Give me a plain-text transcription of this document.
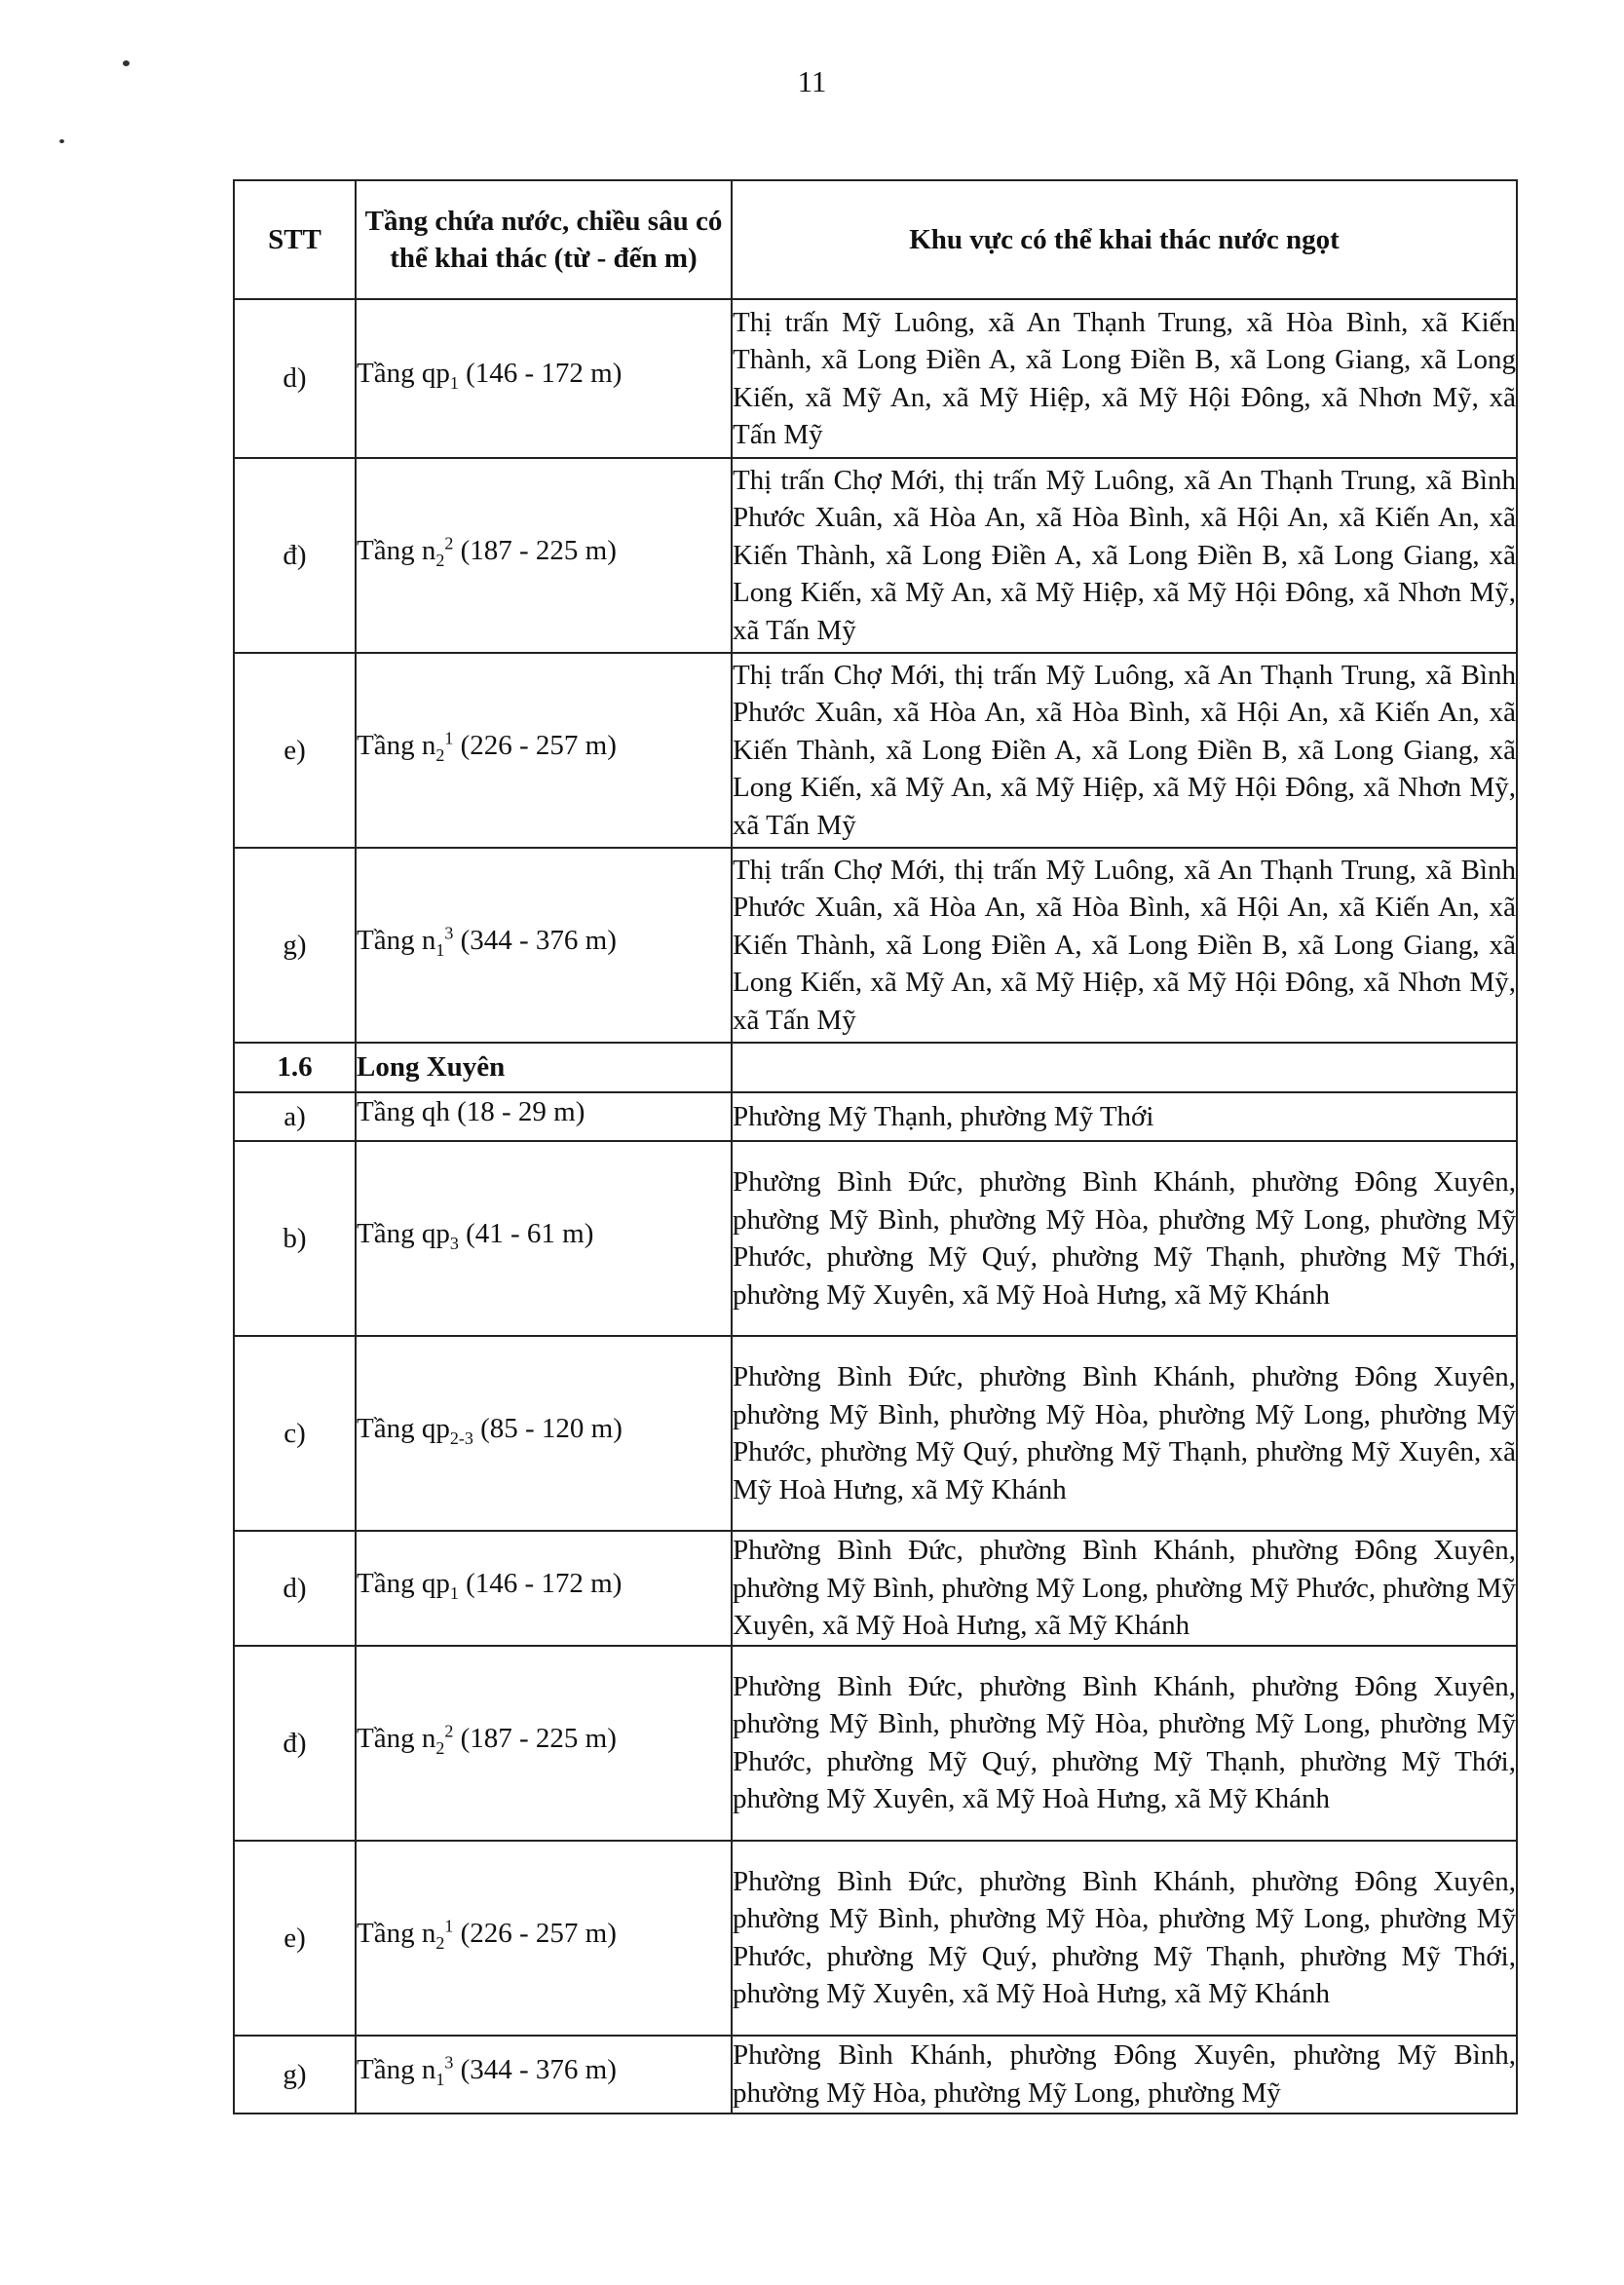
11
STT	Tầng chứa nước, chiều sâu có thể khai thác (từ - đến m)	Khu vực có thể khai thác nước ngọt
d)	Tầng $qp_1$ (146 - 172 m)	Thị trấn Mỹ Luông, xã An Thạnh Trung, xã Hòa Bình, xã Kiến Thành, xã Long Điền A, xã Long Điền B, xã Long Giang, xã Long Kiến, xã Mỹ An, xã Mỹ Hiệp, xã Mỹ Hội Đông, xã Nhơn Mỹ, xã Tấn Mỹ
đ)	Tầng $n_2^2$ (187 - 225 m)	Thị trấn Chợ Mới, thị trấn Mỹ Luông, xã An Thạnh Trung, xã Bình Phước Xuân, xã Hòa An, xã Hòa Bình, xã Hội An, xã Kiến An, xã Kiến Thành, xã Long Điền A, xã Long Điền B, xã Long Giang, xã Long Kiến, xã Mỹ An, xã Mỹ Hiệp, xã Mỹ Hội Đông, xã Nhơn Mỹ, xã Tấn Mỹ
e)	Tầng $n_2^1$ (226 - 257 m)	Thị trấn Chợ Mới, thị trấn Mỹ Luông, xã An Thạnh Trung, xã Bình Phước Xuân, xã Hòa An, xã Hòa Bình, xã Hội An, xã Kiến An, xã Kiến Thành, xã Long Điền A, xã Long Điền B, xã Long Giang, xã Long Kiến, xã Mỹ An, xã Mỹ Hiệp, xã Mỹ Hội Đông, xã Nhơn Mỹ, xã Tấn Mỹ
g)	Tầng $n_1^3$ (344 - 376 m)	Thị trấn Chợ Mới, thị trấn Mỹ Luông, xã An Thạnh Trung, xã Bình Phước Xuân, xã Hòa An, xã Hòa Bình, xã Hội An, xã Kiến An, xã Kiến Thành, xã Long Điền A, xã Long Điền B, xã Long Giang, xã Long Kiến, xã Mỹ An, xã Mỹ Hiệp, xã Mỹ Hội Đông, xã Nhơn Mỹ, xã Tấn Mỹ
1.6	Long Xuyên	
a)	Tầng qh (18 - 29 m)	Phường Mỹ Thạnh, phường Mỹ Thới
b)	Tầng $qp_3$ (41 - 61 m)	Phường Bình Đức, phường Bình Khánh, phường Đông Xuyên, phường Mỹ Bình, phường Mỹ Hòa, phường Mỹ Long, phường Mỹ Phước, phường Mỹ Quý, phường Mỹ Thạnh, phường Mỹ Thới, phường Mỹ Xuyên, xã Mỹ Hoà Hưng, xã Mỹ Khánh
c)	Tầng $qp_{2-3}$ (85 - 120 m)	Phường Bình Đức, phường Bình Khánh, phường Đông Xuyên, phường Mỹ Bình, phường Mỹ Hòa, phường Mỹ Long, phường Mỹ Phước, phường Mỹ Quý, phường Mỹ Thạnh, phường Mỹ Xuyên, xã Mỹ Hoà Hưng, xã Mỹ Khánh
d)	Tầng $qp_1$ (146 - 172 m)	Phường Bình Đức, phường Bình Khánh, phường Đông Xuyên, phường Mỹ Bình, phường Mỹ Long, phường Mỹ Phước, phường Mỹ Xuyên, xã Mỹ Hoà Hưng, xã Mỹ Khánh
đ)	Tầng $n_2^2$ (187 - 225 m)	Phường Bình Đức, phường Bình Khánh, phường Đông Xuyên, phường Mỹ Bình, phường Mỹ Hòa, phường Mỹ Long, phường Mỹ Phước, phường Mỹ Quý, phường Mỹ Thạnh, phường Mỹ Thới, phường Mỹ Xuyên, xã Mỹ Hoà Hưng, xã Mỹ Khánh
e)	Tầng $n_2^1$ (226 - 257 m)	Phường Bình Đức, phường Bình Khánh, phường Đông Xuyên, phường Mỹ Bình, phường Mỹ Hòa, phường Mỹ Long, phường Mỹ Phước, phường Mỹ Quý, phường Mỹ Thạnh, phường Mỹ Thới, phường Mỹ Xuyên, xã Mỹ Hoà Hưng, xã Mỹ Khánh
g)	Tầng $n_1^3$ (344 - 376 m)	Phường Bình Khánh, phường Đông Xuyên, phường Mỹ Bình, phường Mỹ Hòa, phường Mỹ Long, phường Mỹ
